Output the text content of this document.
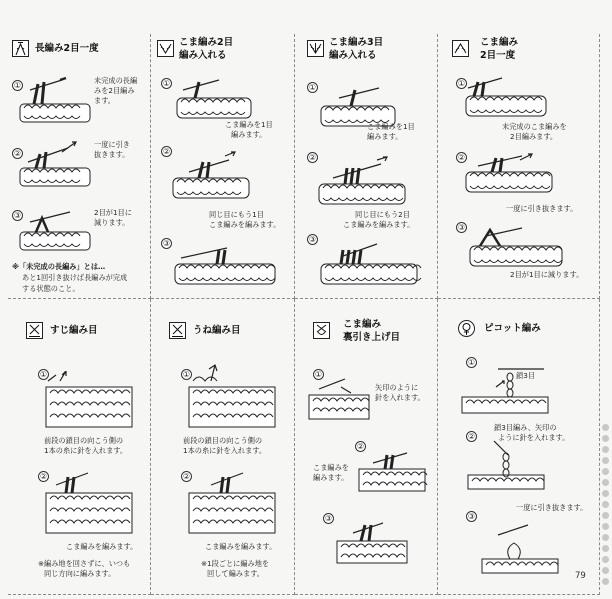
長編み2目一度
①
未完成の長編
みを2目編み
ます。
②
一度に引き
抜きます。
③	2目が1目に
減ります。
※「未完成の長編み」とは…
あと1回引き抜けば長編みが完成
する状態のこと。
こま編み2目
編み入れる
①
こま編みを1目
編みます。
②
同じ目にもう1目
こま編みを編みます。
③
こま編み3目
編み入れる
①
こま編みを1目
編みます。
②
同じ目にもう2目
こま編みを編みます。
③
こま編み
2目一度
①
未完成のこま編みを
2目編みます。
②
一度に引き抜きます。
③
2目が1目に減ります。
すじ編み目
①
前段の鎖目の向こう側の
1本の糸に針を入れます。
②
こま編みを編みます。
※編み地を回さずに、いつも
同じ方向に編みます。
うね編み目
①
前段の鎖目の向こう側の
1本の糸に針を入れます。
②
こま編みを編みます。
※1段ごとに編み地を
回して編みます。
こま編み
裏引き上げ目
①
矢印のように
針を入れます。
②
こま編みを
編みます。
③
ピコット編み
①
鎖3目
②
鎖3目編み、矢印の
ように針を入れます。
③
一度に引き抜きます。
79
